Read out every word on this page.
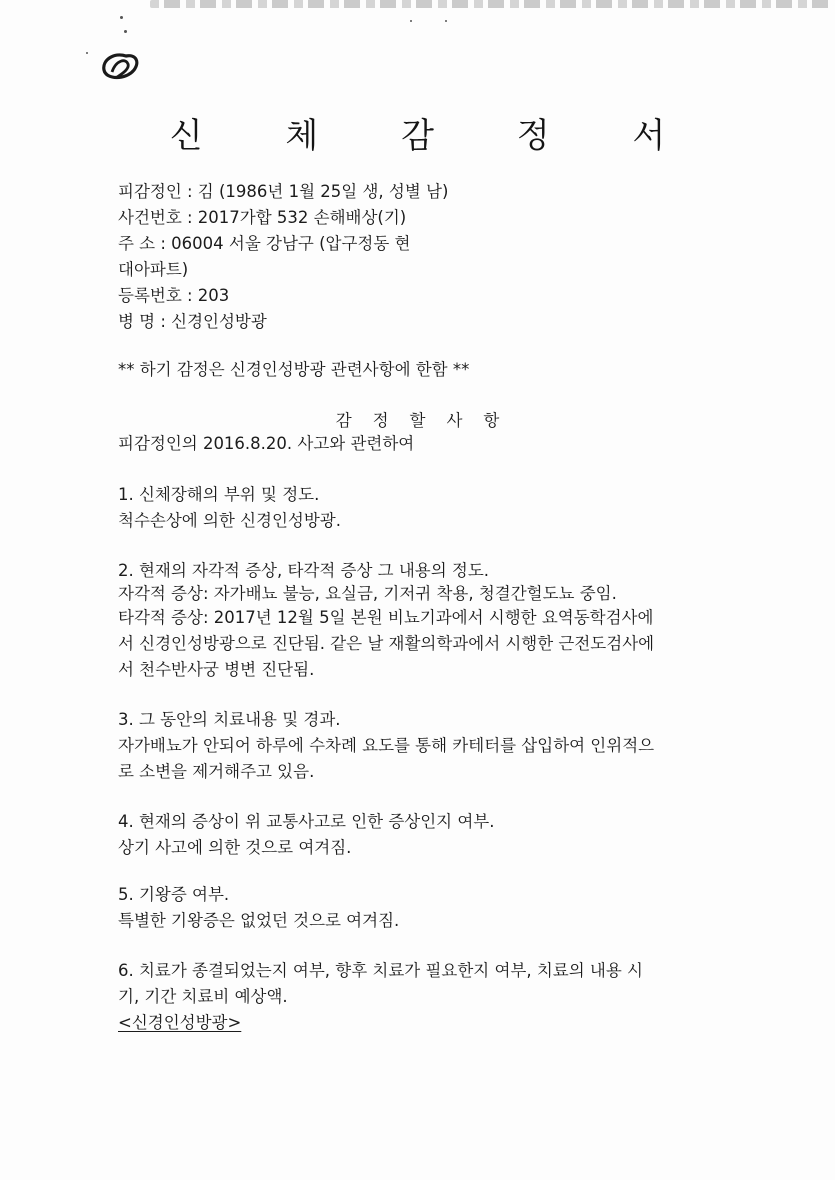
신 체 감 정 서
피감정인 : 김 (1986년 1월 25일 생, 성별 남)
사건번호 : 2017가합 532 손해배상(기)
주 소 : 06004 서울 강남구 (압구정동 현
대아파트)
등록번호 : 203
병 명 : 신경인성방광
** 하기 감정은 신경인성방광 관련사항에 한함 **
감    정    할    사    항
피감정인의 2016.8.20. 사고와 관련하여
1. 신체장해의 부위 및 정도.
척수손상에 의한 신경인성방광.
2. 현재의 자각적 증상, 타각적 증상 그 내용의 정도.
자각적 증상: 자가배뇨 불능, 요실금, 기저귀 착용, 청결간헐도뇨 중임.
타각적 증상: 2017년 12월 5일 본원 비뇨기과에서 시행한 요역동학검사에
서 신경인성방광으로 진단됨. 같은 날 재활의학과에서 시행한 근전도검사에
서 천수반사궁 병변 진단됨.
3. 그 동안의 치료내용 및 경과.
자가배뇨가 안되어 하루에 수차례 요도를 통해 카테터를 삽입하여 인위적으
로 소변을 제거해주고 있음.
4. 현재의 증상이 위 교통사고로 인한 증상인지 여부.
상기 사고에 의한 것으로 여겨짐.
5. 기왕증 여부.
특별한 기왕증은 없었던 것으로 여겨짐.
6. 치료가 종결되었는지 여부, 향후 치료가 필요한지 여부, 치료의 내용 시
기, 기간 치료비 예상액.
<신경인성방광>
